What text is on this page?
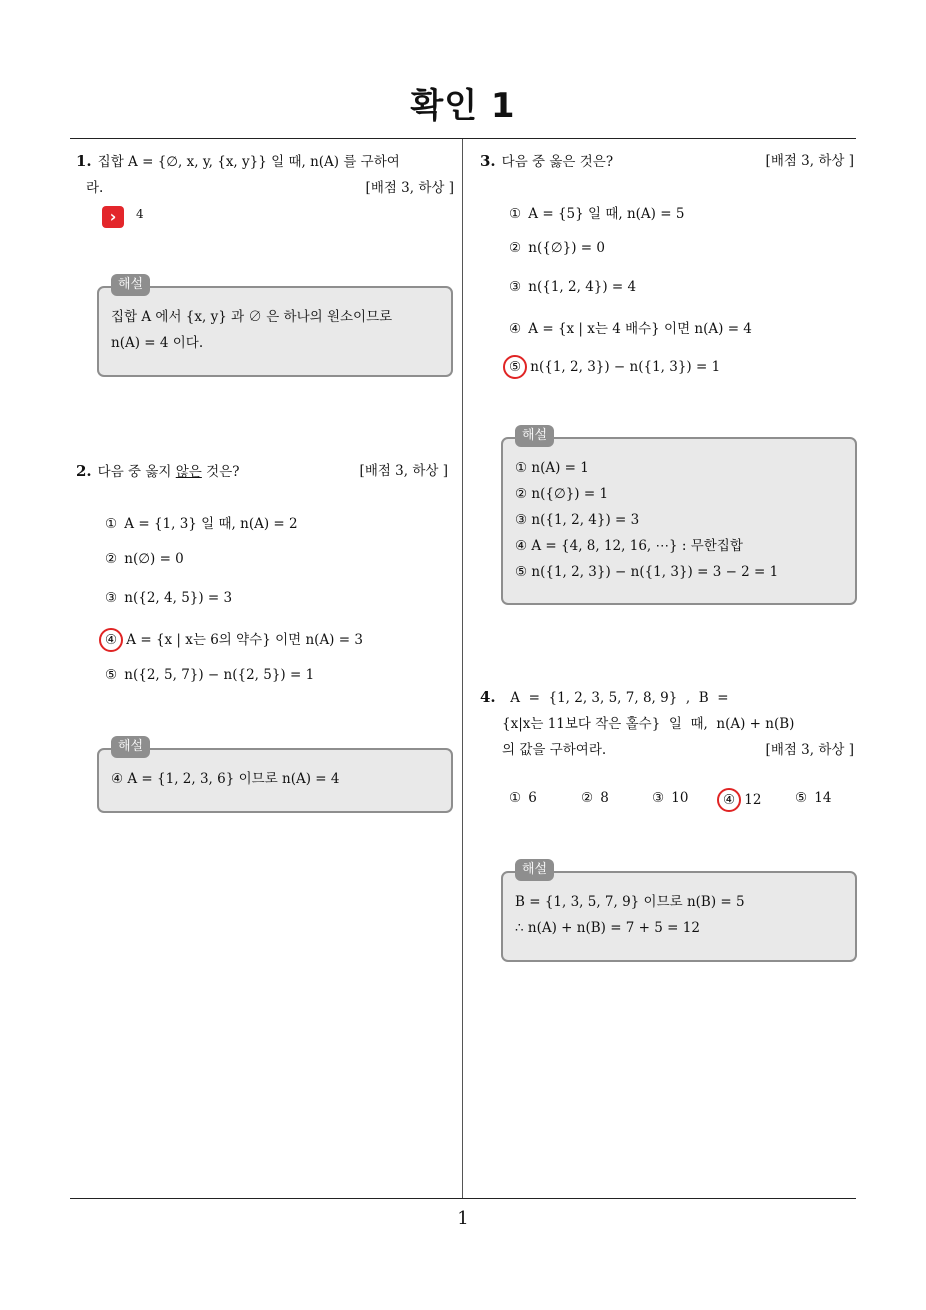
확인 1
1
1. 집합 A = {∅, x, y, {x, y}} 일 때, n(A) 를 구하여
라.	[배점 3, 하상 ]
›	4
해설
집합 A 에서 {x, y} 과 ∅ 은 하나의 원소이므로
n(A) = 4 이다.
2. 다음 중 옳지 않은 것은?	[배점 3, 하상 ]
① A = {1, 3} 일 때, n(A) = 2
② n(∅) = 0
③ n({2, 4, 5}) = 3
④ A = {x | x는 6의 약수} 이면 n(A) = 3
⑤ n({2, 5, 7}) − n({2, 5}) = 1
해설
④ A = {1, 2, 3, 6} 이므로 n(A) = 4
3. 다음 중 옳은 것은?	[배점 3, 하상 ]
① A = {5} 일 때, n(A) = 5
② n({∅}) = 0
③ n({1, 2, 4}) = 4
④ A = {x | x는 4 배수} 이면 n(A) = 4
⑤ n({1, 2, 3}) − n({1, 3}) = 1
해설
① n(A) = 1
② n({∅}) = 1
③ n({1, 2, 4}) = 3
④ A = {4, 8, 12, 16, ⋯} : 무한집합
⑤ n({1, 2, 3}) − n({1, 3}) = 3 − 2 = 1
4. A  =  {1, 2, 3, 5, 7, 8, 9}  ,  B  =
{x|x는 11보다 작은 홀수}  일  때,  n(A) + n(B)
의 값을 구하여라.	[배점 3, 하상 ]
① 6	② 8	③ 10	④ 12 ⑤ 14
해설
B = {1, 3, 5, 7, 9} 이므로 n(B) = 5
∴ n(A) + n(B) = 7 + 5 = 12
